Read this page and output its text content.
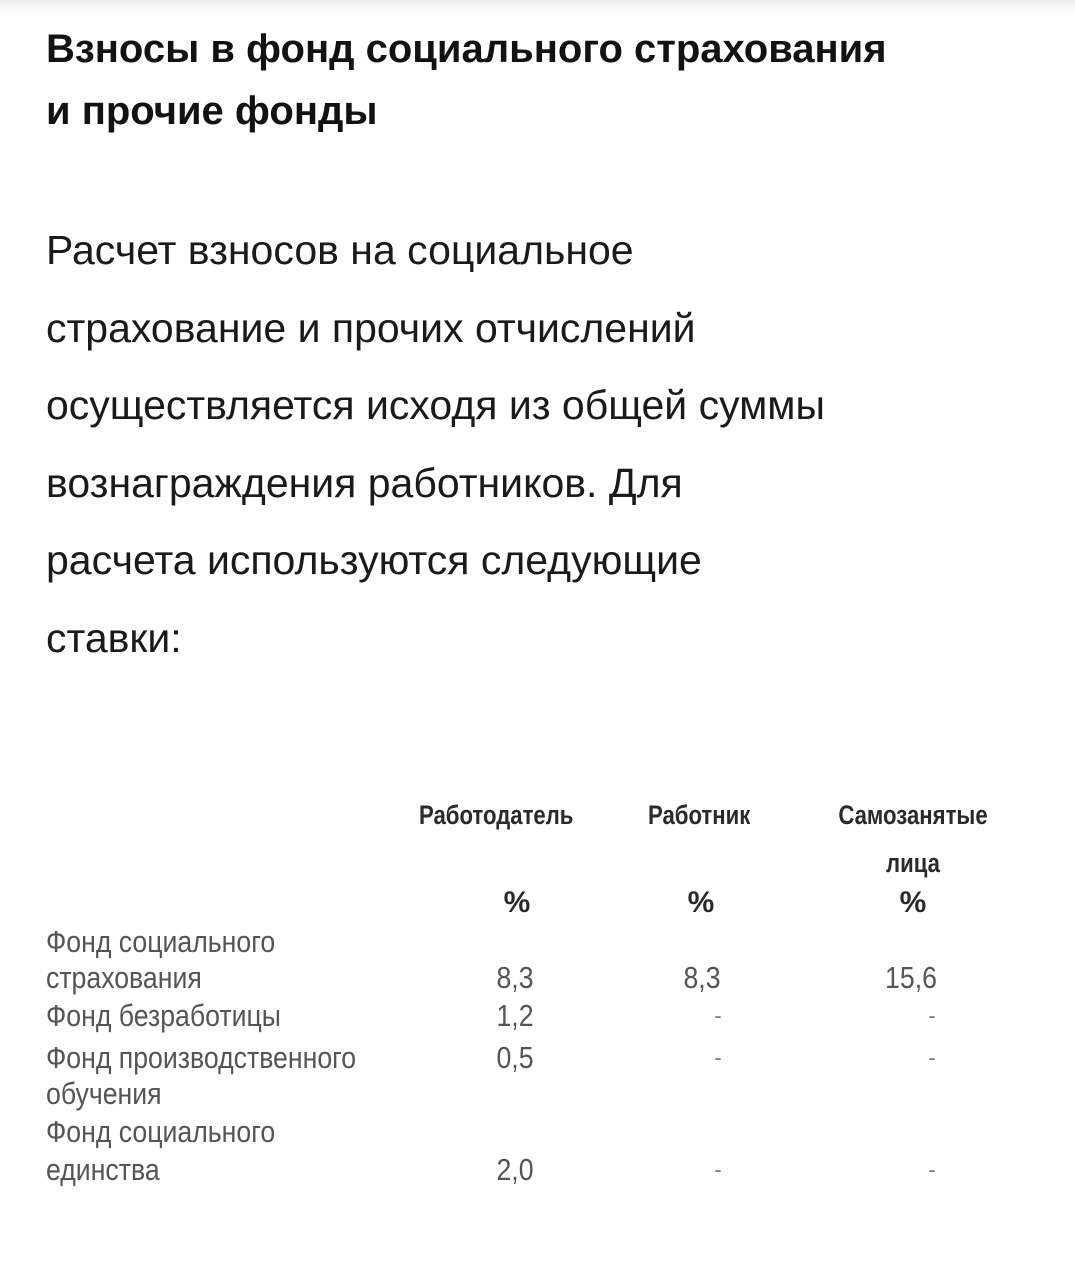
Взносы в фонд социального страхования
и прочие фонды

Расчет взносов на социальное
страхование и прочих отчислений
осуществляется исходя из общей суммы
вознаграждения работников. Для
расчета используются следующие
ставки:

Работодатель	Работник	Самозанятые
лица
%	%	%
Фонд социального
страхования	8,3	8,3	15,6
Фонд безработицы	1,2	-	-
Фонд производственного
обучения
0,5	-	-
Фонд социального
единства	2,0	-	-
